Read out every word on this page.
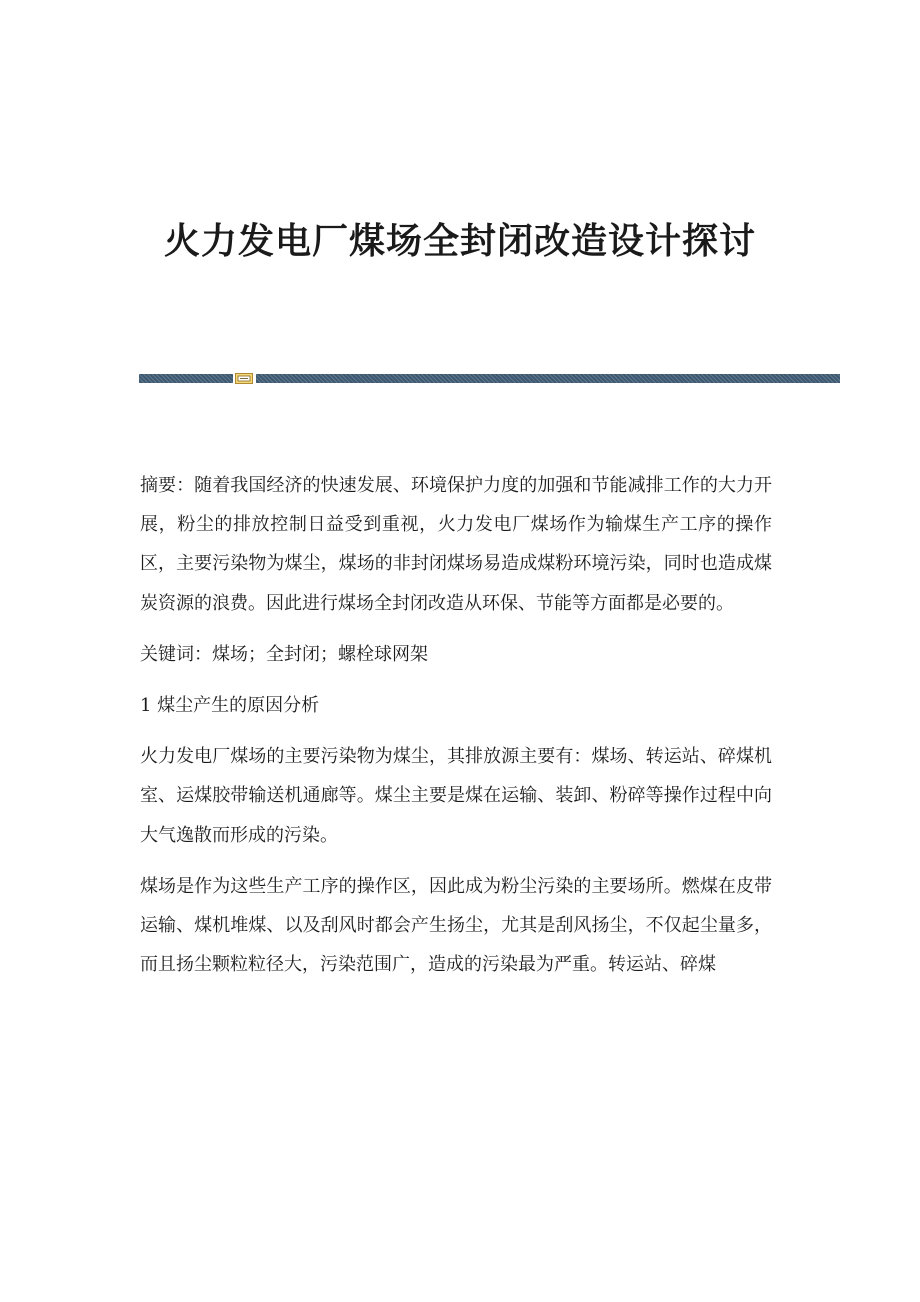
火力发电厂煤场全封闭改造设计探讨

摘要：随着我国经济的快速发展、环境保护力度的加强和节能减排工作的大力开展，粉尘的排放控制日益受到重视，火力发电厂煤场作为输煤生产工序的操作区，主要污染物为煤尘，煤场的非封闭煤场易造成煤粉环境污染，同时也造成煤炭资源的浪费。因此进行煤场全封闭改造从环保、节能等方面都是必要的。

关键词：煤场；全封闭；螺栓球网架

1 煤尘产生的原因分析

火力发电厂煤场的主要污染物为煤尘，其排放源主要有：煤场、转运站、碎煤机室、运煤胶带输送机通廊等。煤尘主要是煤在运输、装卸、粉碎等操作过程中向大气逸散而形成的污染。

煤场是作为这些生产工序的操作区，因此成为粉尘污染的主要场所。燃煤在皮带运输、煤机堆煤、以及刮风时都会产生扬尘，尤其是刮风扬尘，不仅起尘量多，而且扬尘颗粒粒径大，污染范围广，造成的污染最为严重。转运站、碎煤
